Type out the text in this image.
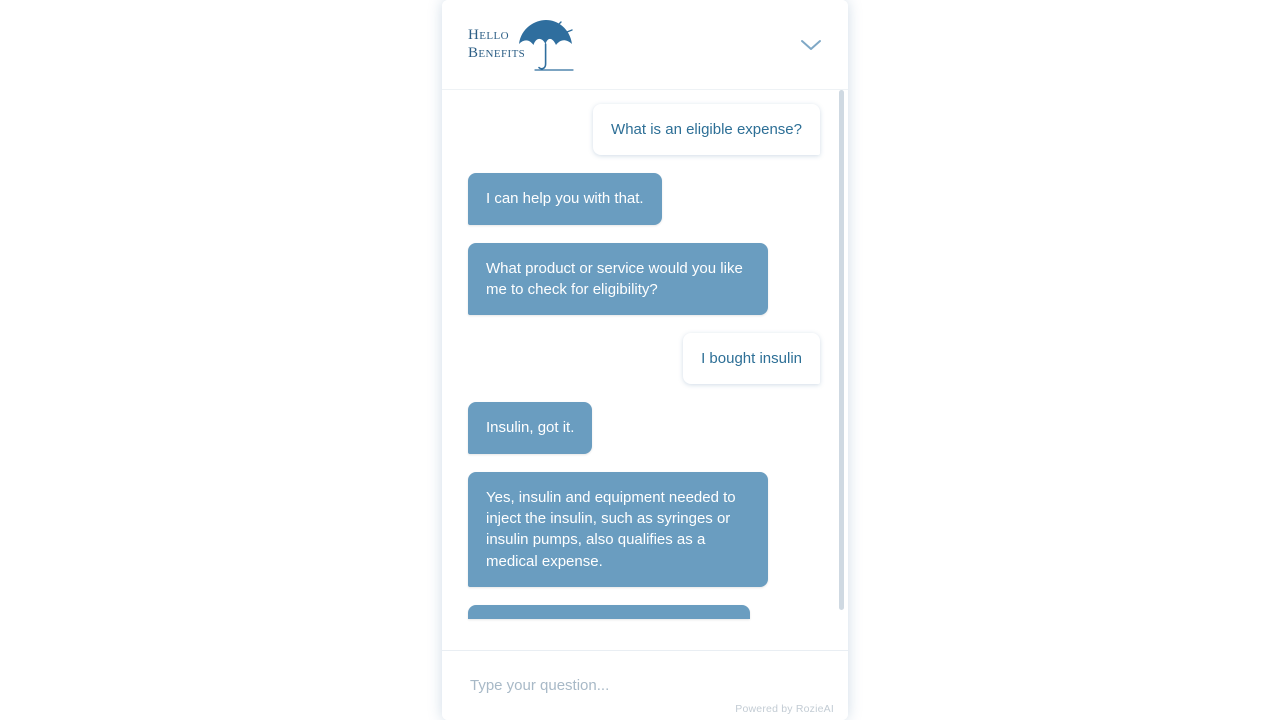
Hello
Benefits
What is an eligible expense?
I can help you with that.
What product or service would you like me to check for eligibility?
I bought insulin
Insulin, got it.
Yes, insulin and equipment needed to inject the insulin, such as syringes or insulin pumps, also qualifies as a medical expense.
Type your question...
Powered by RozieAI
